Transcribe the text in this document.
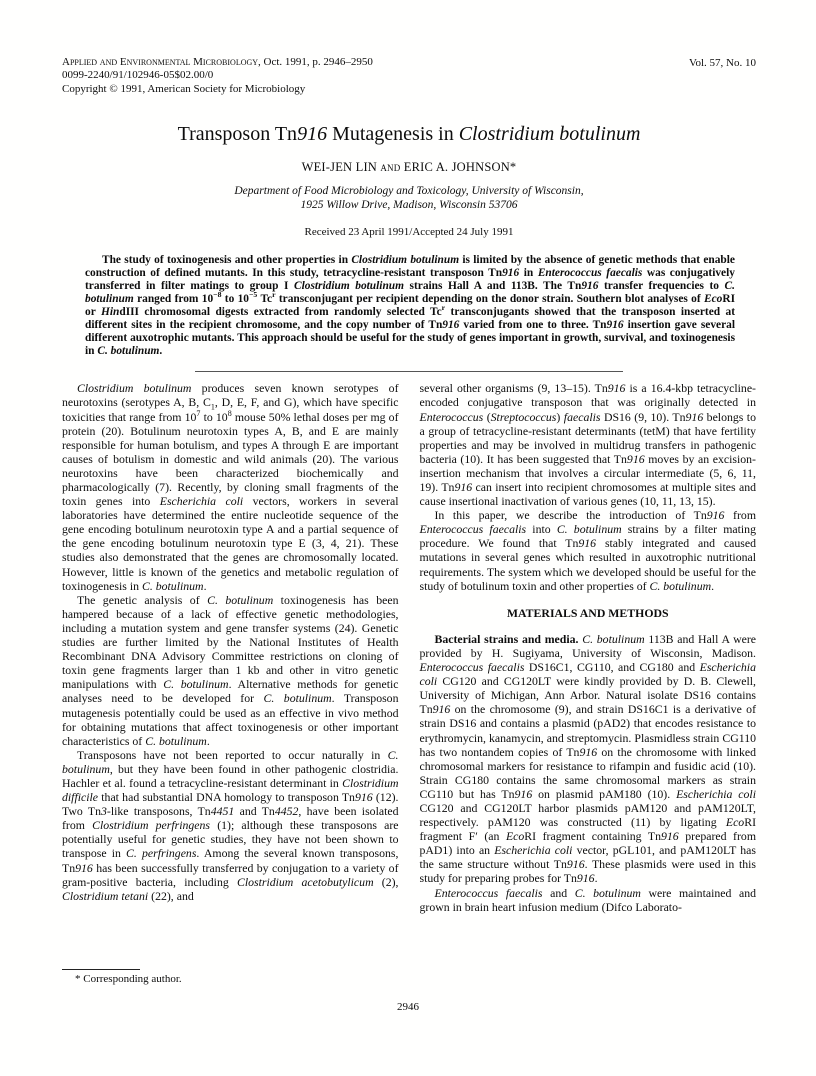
Applied and Environmental Microbiology, Oct. 1991, p. 2946–2950
0099-2240/91/102946-05$02.00/0
Copyright © 1991, American Society for Microbiology
Vol. 57, No. 10
Transposon Tn916 Mutagenesis in Clostridium botulinum
WEI-JEN LIN and ERIC A. JOHNSON*
Department of Food Microbiology and Toxicology, University of Wisconsin,
1925 Willow Drive, Madison, Wisconsin 53706
Received 23 April 1991/Accepted 24 July 1991
The study of toxinogenesis and other properties in Clostridium botulinum is limited by the absence of genetic methods that enable construction of defined mutants. In this study, tetracycline-resistant transposon Tn916 in Enterococcus faecalis was conjugatively transferred in filter matings to group I Clostridium botulinum strains Hall A and 113B. The Tn916 transfer frequencies to C. botulinum ranged from $10^{-8}$ to $10^{-5}$ Tc$^r$ transconjugant per recipient depending on the donor strain. Southern blot analyses of EcoRI or HindIII chromosomal digests extracted from randomly selected Tc$^r$ transconjugants showed that the transposon inserted at different sites in the recipient chromosome, and the copy number of Tn916 varied from one to three. Tn916 insertion gave several different auxotrophic mutants. This approach should be useful for the study of genes important in growth, survival, and toxinogenesis in C. botulinum.

Clostridium botulinum produces seven known serotypes of neurotoxins (serotypes A, B, $C_1$, D, E, F, and G), which have specific toxicities that range from $10^7$ to $10^8$ mouse 50% lethal doses per mg of protein (20). Botulinum neurotoxin types A, B, and E are mainly responsible for human botulism, and types A through E are important causes of botulism in domestic and wild animals (20). The various neurotoxins have been characterized biochemically and pharmacologically (7). Recently, by cloning small fragments of the toxin genes into Escherichia coli vectors, workers in several laboratories have determined the entire nucleotide sequence of the gene encoding botulinum neurotoxin type A and a partial sequence of the gene encoding botulinum neurotoxin type E (3, 4, 21). These studies also demonstrated that the genes are chromosomally located. However, little is known of the genetics and metabolic regulation of toxinogenesis in C. botulinum.

The genetic analysis of C. botulinum toxinogenesis has been hampered because of a lack of effective genetic methodologies, including a mutation system and gene transfer systems (24). Genetic studies are further limited by the National Institutes of Health Recombinant DNA Advisory Committee restrictions on cloning of toxin gene fragments larger than 1 kb and other in vitro genetic manipulations with C. botulinum. Alternative methods for genetic analyses need to be developed for C. botulinum. Transposon mutagenesis potentially could be used as an effective in vivo method for obtaining mutations that affect toxinogenesis or other important characteristics of C. botulinum.

Transposons have not been reported to occur naturally in C. botulinum, but they have been found in other pathogenic clostridia. Hachler et al. found a tetracycline-resistant determinant in Clostridium difficile that had substantial DNA homology to transposon Tn916 (12). Two Tn3-like transposons, Tn4451 and Tn4452, have been isolated from Clostridium perfringens (1); although these transposons are potentially useful for genetic studies, they have not been shown to transpose in C. perfringens. Among the several known transposons, Tn916 has been successfully transferred by conjugation to a variety of gram-positive bacteria, including Clostridium acetobutylicum (2), Clostridium tetani (22), and

several other organisms (9, 13–15). Tn916 is a 16.4-kbp tetracycline-encoded conjugative transposon that was originally detected in Enterococcus (Streptococcus) faecalis DS16 (9, 10). Tn916 belongs to a group of tetracycline-resistant determinants (tetM) that have fertility properties and may be involved in multidrug transfers in pathogenic bacteria (10). It has been suggested that Tn916 moves by an excision-insertion mechanism that involves a circular intermediate (5, 6, 11, 19). Tn916 can insert into recipient chromosomes at multiple sites and cause insertional inactivation of various genes (10, 11, 13, 15).

In this paper, we describe the introduction of Tn916 from Enterococcus faecalis into C. botulinum strains by a filter mating procedure. We found that Tn916 stably integrated and caused mutations in several genes which resulted in auxotrophic nutritional requirements. The system which we developed should be useful for the study of botulinum toxin and other properties of C. botulinum.

MATERIALS AND METHODS

Bacterial strains and media. C. botulinum 113B and Hall A were provided by H. Sugiyama, University of Wisconsin, Madison. Enterococcus faecalis DS16C1, CG110, and CG180 and Escherichia coli CG120 and CG120LT were kindly provided by D. B. Clewell, University of Michigan, Ann Arbor. Natural isolate DS16 contains Tn916 on the chromosome (9), and strain DS16C1 is a derivative of strain DS16 and contains a plasmid (pAD2) that encodes resistance to erythromycin, kanamycin, and streptomycin. Plasmidless strain CG110 has two nontandem copies of Tn916 on the chromosome with linked chromosomal markers for resistance to rifampin and fusidic acid (10). Strain CG180 contains the same chromosomal markers as strain CG110 but has Tn916 on plasmid pAM180 (10). Escherichia coli CG120 and CG120LT harbor plasmids pAM120 and pAM120LT, respectively. pAM120 was constructed (11) by ligating EcoRI fragment F′ (an EcoRI fragment containing Tn916 prepared from pAD1) into an Escherichia coli vector, pGL101, and pAM120LT has the same structure without Tn916. These plasmids were used in this study for preparing probes for Tn916.

Enterococcus faecalis and C. botulinum were maintained and grown in brain heart infusion medium (Difco Laborato-

* Corresponding author.
2946
